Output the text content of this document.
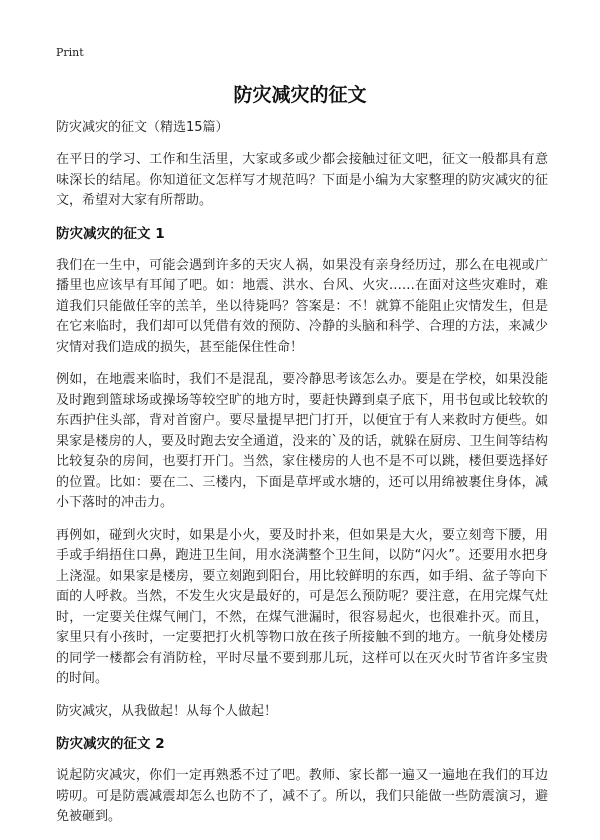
Print
防灾减灾的征文

防灾减灾的征文（精选15篇）

在平日的学习、工作和生活里，大家或多或少都会接触过征文吧，征文一般都具有意味深长的结尾。你知道征文怎样写才规范吗？下面是小编为大家整理的防灾减灾的征文，希望对大家有所帮助。

防灾减灾的征文 1

我们在一生中，可能会遇到许多的天灾人祸，如果没有亲身经历过，那么在电视或广播里也应该早有耳闻了吧。如：地震、洪水、台风、火灾……在面对这些灾难时，难道我们只能做任宰的羔羊，坐以待毙吗？答案是：不！就算不能阻止灾情发生，但是在它来临时，我们却可以凭借有效的预防、冷静的头脑和科学、合理的方法，来减少灾情对我们造成的损失，甚至能保住性命！

例如，在地震来临时，我们不是混乱，要冷静思考该怎么办。要是在学校，如果没能及时跑到篮球场或操场等较空旷的地方时，要赶快蹲到桌子底下，用书包或比较软的东西护住头部，背对首窗户。要尽量提早把门打开，以便宜于有人来救时方便些。如果家是楼房的人，要及时跑去安全通道，没来的`及的话，就躲在厨房、卫生间等结构比较复杂的房间，也要打开门。当然，家住楼房的人也不是不可以跳，楼但要选择好的位置。比如：要在二、三楼内，下面是草坪或水塘的，还可以用绵被裹住身体，减小下落时的冲击力。

再例如，碰到火灾时，如果是小火，要及时扑来，但如果是大火，要立刻弯下腰，用手或手绢捂住口鼻，跑进卫生间，用水浇满整个卫生间，以防“闪火”。还要用水把身上浇湿。如果家是楼房，要立刻跑到阳台，用比较鲜明的东西，如手绢、盆子等向下面的人呼救。当然，不发生火灾是最好的，可是怎么预防呢？要注意，在用完煤气灶时，一定要关住煤气闸门，不然，在煤气泄漏时，很容易起火，也很难扑灭。而且，家里只有小孩时，一定要把打火机等物口放在孩子所接触不到的地方。一航身处楼房的同学一楼都会有消防栓，平时尽量不要到那儿玩，这样可以在灭火时节省许多宝贵的时间。

防灾减灾，从我做起！从每个人做起！

防灾减灾的征文 2

说起防灾减灾，你们一定再熟悉不过了吧。教师、家长都一遍又一遍地在我们的耳边唠叨。可是防震减震却怎么也防不了，减不了。所以，我们只能做一些防震演习，避免被砸到。
